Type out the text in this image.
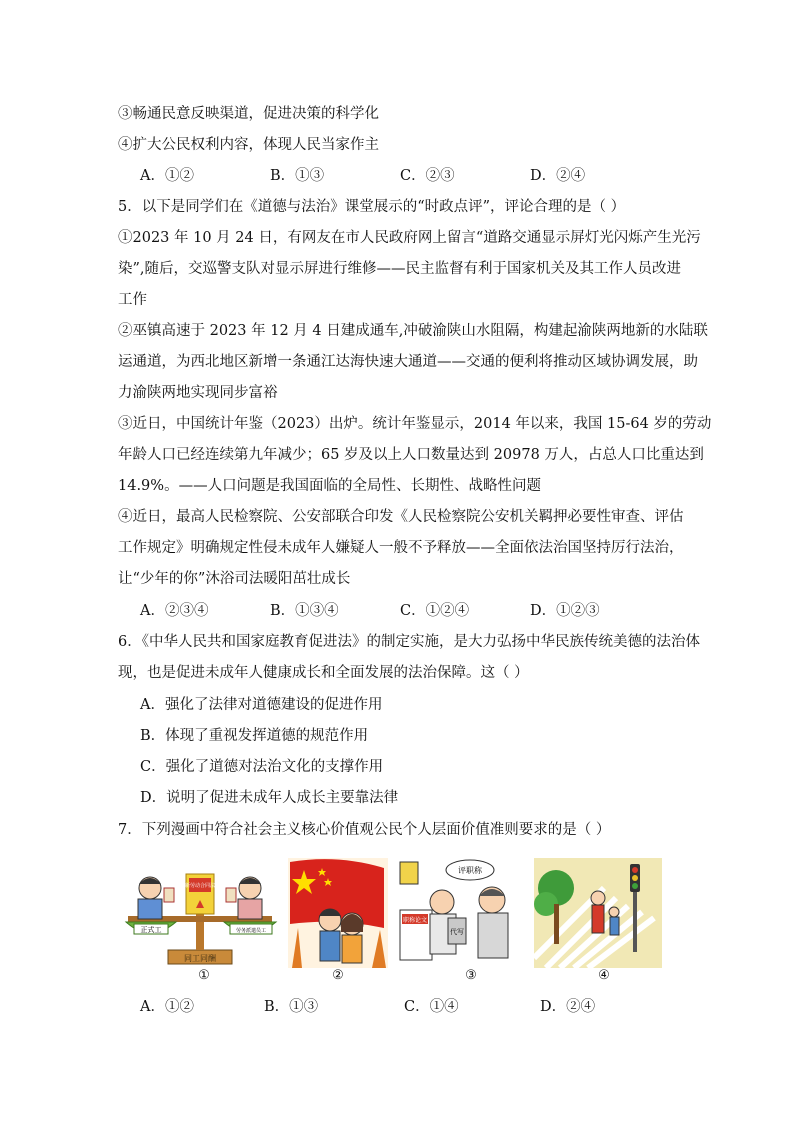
③畅通民意反映渠道，促进决策的科学化
④扩大公民权利内容，体现人民当家作主
A．①②	B．①③	C．②③	D．②④
5．以下是同学们在《道德与法治》课堂展示的“时政点评”，评论合理的是（ ）
①2023 年 10 月 24 日，有网友在市人民政府网上留言“道路交通显示屏灯光闪烁产生光污
染”,随后，交巡警支队对显示屏进行维修——民主监督有利于国家机关及其工作人员改进
工作
②巫镇高速于 2023 年 12 月 4 日建成通车,冲破渝陕山水阻隔，构建起渝陕两地新的水陆联
运通道，为西北地区新增一条通江达海快速大通道——交通的便利将推动区域协调发展，助
力渝陕两地实现同步富裕
③近日，中国统计年鉴（2023）出炉。统计年鉴显示，2014 年以来，我国 15-64 岁的劳动
年龄人口已经连续第九年减少；65 岁及以上人口数量达到 20978 万人，占总人口比重达到
14.9%。——人口问题是我国面临的全局性、长期性、战略性问题
④近日，最高人民检察院、公安部联合印发《人民检察院公安机关羁押必要性审查、评估
工作规定》明确规定性侵未成年人嫌疑人一般不予释放——全面依法治国坚持厉行法治，
让“少年的你”沐浴司法暖阳茁壮成长
A．②③④	B．①③④	C．①②④	D．①②③
6．《中华人民共和国家庭教育促进法》的制定实施，是大力弘扬中华民族传统美德的法治体
现，也是促进未成年人健康成长和全面发展的法治保障。这（ ）
A．强化了法律对道德建设的促进作用
B．体现了重视发挥道德的规范作用
C．强化了道德对法治文化的支撑作用
D．说明了促进未成年人成长主要靠法律
7．下列漫画中符合社会主义核心价值观公民个人层面价值准则要求的是（ ）
同工同酬
正式工	劳务派遣员工
新劳动合同法
①	②
评职称
职称论文
代写
③	④
A．①②	B．①③	C．①④	D．②④
